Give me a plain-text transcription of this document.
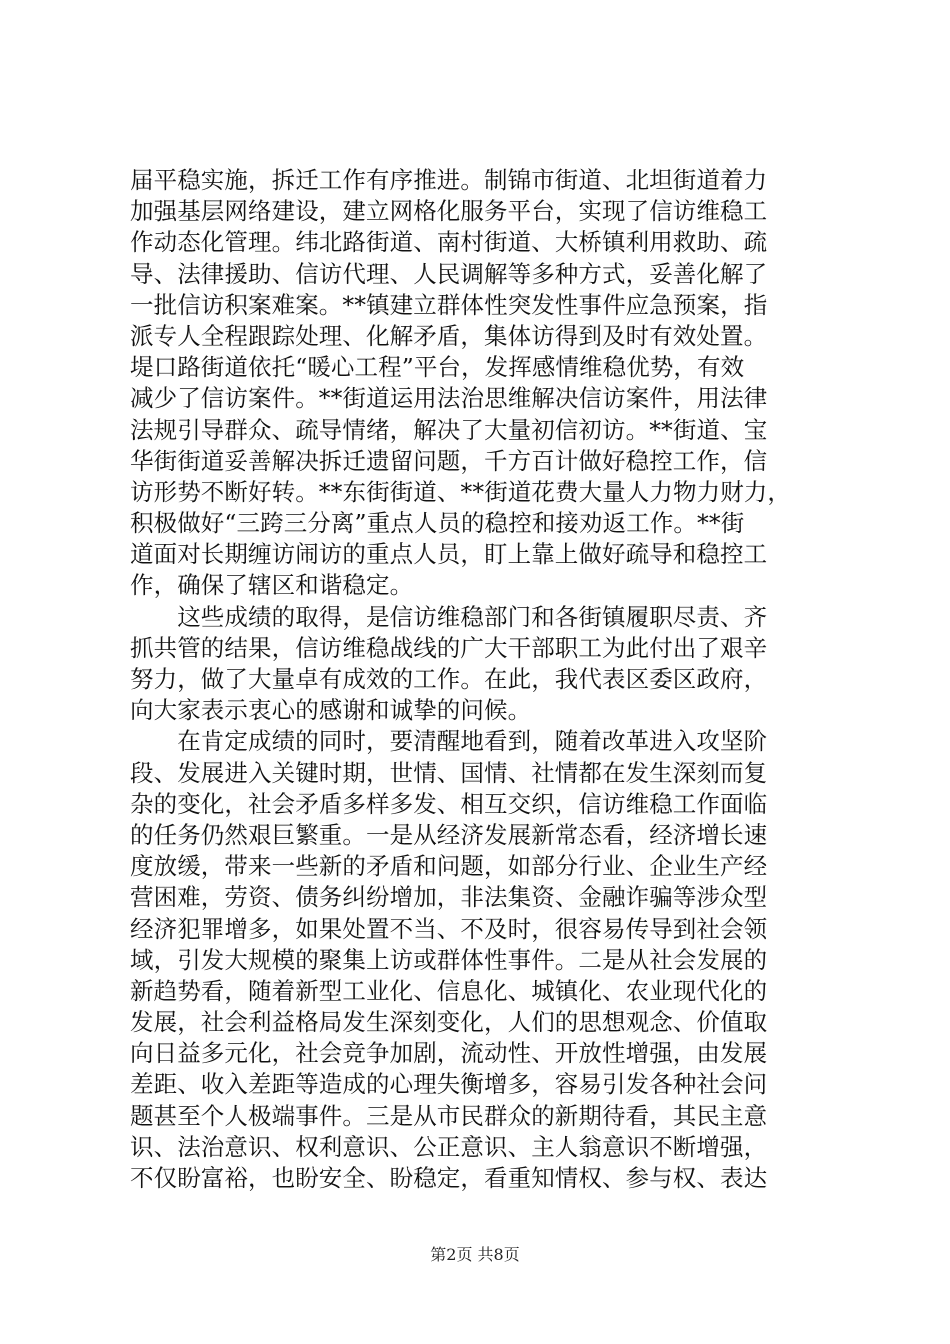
届平稳实施，拆迁工作有序推进。制锦市街道、北坦街道着力
加强基层网络建设，建立网格化服务平台，实现了信访维稳工
作动态化管理。纬北路街道、南村街道、大桥镇利用救助、疏
导、法律援助、信访代理、人民调解等多种方式，妥善化解了
一批信访积案难案。**镇建立群体性突发性事件应急预案，指
派专人全程跟踪处理、化解矛盾，集体访得到及时有效处置。
堤口路街道依托“暖心工程”平台，发挥感情维稳优势，有效
减少了信访案件。**街道运用法治思维解决信访案件，用法律
法规引导群众、疏导情绪，解决了大量初信初访。**街道、宝
华街街道妥善解决拆迁遗留问题，千方百计做好稳控工作，信
访形势不断好转。**东街街道、**街道花费大量人力物力财力，
积极做好“三跨三分离”重点人员的稳控和接劝返工作。**街
道面对长期缠访闹访的重点人员，盯上靠上做好疏导和稳控工
作，确保了辖区和谐稳定。
　　这些成绩的取得，是信访维稳部门和各街镇履职尽责、齐
抓共管的结果，信访维稳战线的广大干部职工为此付出了艰辛
努力，做了大量卓有成效的工作。在此，我代表区委区政府，
向大家表示衷心的感谢和诚挚的问候。
　　在肯定成绩的同时，要清醒地看到，随着改革进入攻坚阶
段、发展进入关键时期，世情、国情、社情都在发生深刻而复
杂的变化，社会矛盾多样多发、相互交织，信访维稳工作面临
的任务仍然艰巨繁重。一是从经济发展新常态看，经济增长速
度放缓，带来一些新的矛盾和问题，如部分行业、企业生产经
营困难，劳资、债务纠纷增加，非法集资、金融诈骗等涉众型
经济犯罪增多，如果处置不当、不及时，很容易传导到社会领
域，引发大规模的聚集上访或群体性事件。二是从社会发展的
新趋势看，随着新型工业化、信息化、城镇化、农业现代化的
发展，社会利益格局发生深刻变化，人们的思想观念、价值取
向日益多元化，社会竞争加剧，流动性、开放性增强，由发展
差距、收入差距等造成的心理失衡增多，容易引发各种社会问
题甚至个人极端事件。三是从市民群众的新期待看，其民主意
识、法治意识、权利意识、公正意识、主人翁意识不断增强，
不仅盼富裕，也盼安全、盼稳定，看重知情权、参与权、表达
第2页 共8页
